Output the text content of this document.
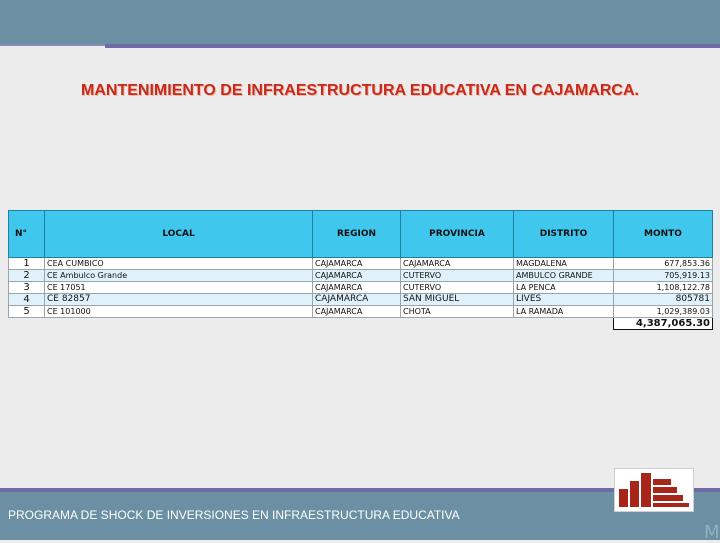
MANTENIMIENTO DE INFRAESTRUCTURA EDUCATIVA EN CAJAMARCA.
N°	LOCAL	REGION	PROVINCIA	DISTRITO	MONTO
1	CEA CUMBICO	CAJAMARCA	CAJAMARCA	MAGDALENA	677,853.36
2	CE Ambulco Grande	CAJAMARCA	CUTERVO	AMBULCO GRANDE	705,919.13
3	CE 17051	CAJAMARCA	CUTERVO	LA PENCA	1,108,122.78
4	CE 82857	CAJAMARCA	SAN MIGUEL	LIVES	805781
5	CE 101000	CAJAMARCA	CHOTA	LA RAMADA	1,029,389.03
					4,387,065.30
PROGRAMA DE SHOCK DE INVERSIONES EN INFRAESTRUCTURA EDUCATIVA
M
